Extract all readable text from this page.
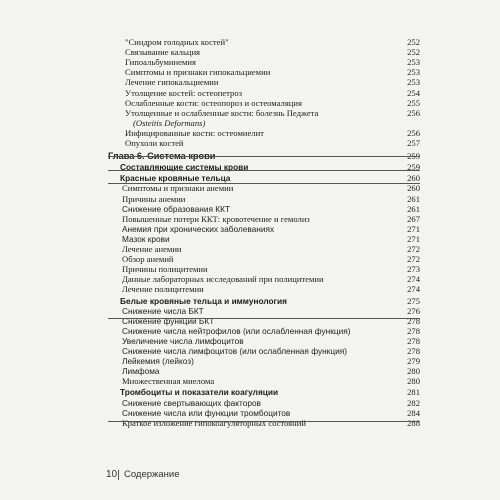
"Синдром голодных костей"	252
Связывание кальция	252
Гипоальбуминемия	253
Симптомы и признаки гипокальциемии	253
Лечение гипокальциемии	253
Утолщение костей: остеопетроз	254
Ослабленные кости: остеопороз и остеомаляция	255
Утолщенные и ослабленные кости: болезнь Педжета	256
(Osteitis Deformans)
Инфицированные кости: остеомиелит	256
Опухоли костей	257
Глава 6. Система крови	259
Составляющие системы крови	259
Красные кровяные тельца	260
Симптомы и признаки анемии	260
Причины анемии	261
Снижение образования ККТ	261
Повышенные потери ККТ: кровотечение и гемолиз	267
Анемия при хронических заболеваниях	271
Мазок крови	271
Лечение анемии	272
Обзор анемий	272
Причины полицитемии	273
Данные лабораторных исследований при полицитемии	274
Лечение полицитемии	274
Белые кровяные тельца и иммунология	275
Снижение числа БКТ	276
Снижение функции БКТ	278
Снижение числа нейтрофилов (или ослабленная функция)	278
Увеличение числа лимфоцитов	278
Снижение числа лимфоцитов (или ослабленная функция)	278
Лейкемия (лейкоз)	279
Лимфома	280
Множественная миелома	280
Тромбоциты и показатели коагуляции	281
Снижение свертывающих факторов	282
Снижение числа или функции тромбоцитов	284
Краткое изложение гипокоагуляторных состояний	288
10 Содержание
